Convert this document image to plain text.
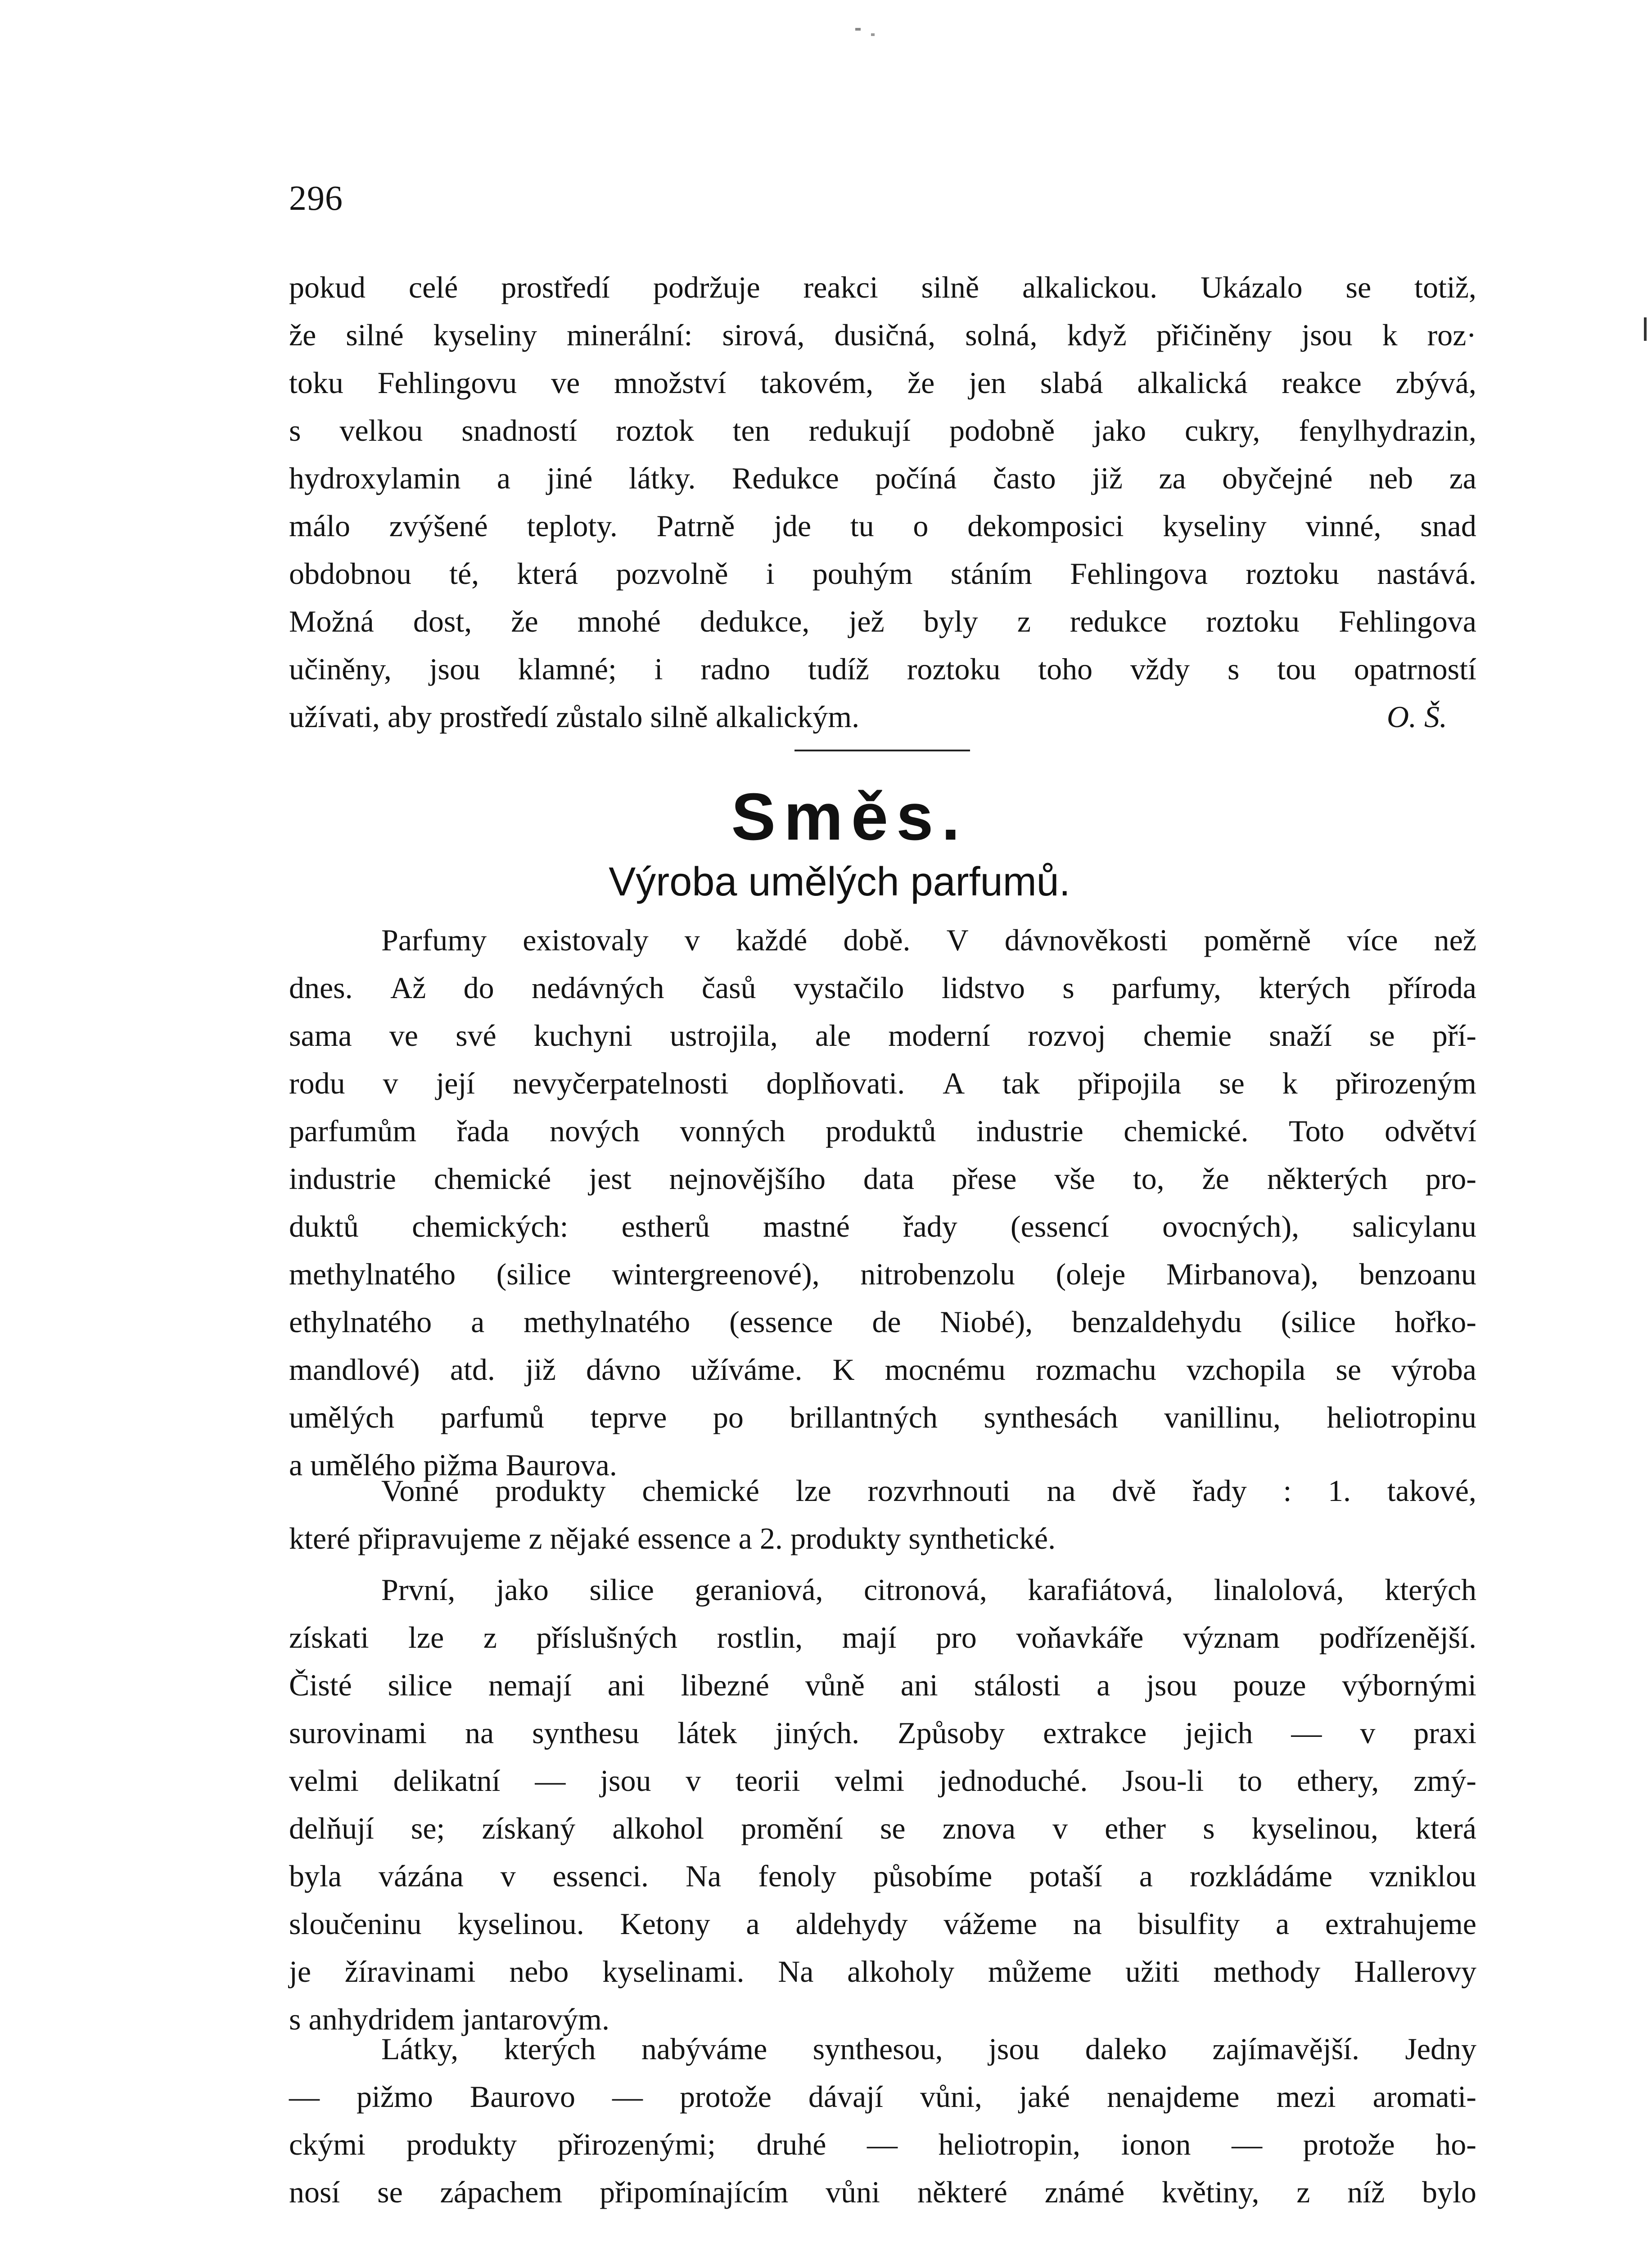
296
pokud celé prostředí podržuje reakci silně alkalickou. Ukázalo se totiž,
že silné kyseliny minerální: sirová, dusičná, solná, když přičiněny jsou k roz·
toku Fehlingovu ve množství takovém, že jen slabá alkalická reakce zbývá,
s velkou snadností roztok ten redukují podobně jako cukry, fenylhydrazin,
hydroxylamin a jiné látky. Redukce počíná často již za obyčejné neb za
málo zvýšené teploty. Patrně jde tu o dekomposici kyseliny vinné, snad
obdobnou té, která pozvolně i pouhým stáním Fehlingova roztoku nastává.
Možná dost, že mnohé dedukce, jež byly z redukce roztoku Fehlingova
učiněny, jsou klamné; i radno tudíž roztoku toho vždy s tou opatrností
užívati, aby prostředí zůstalo silně alkalickým.	O. Š.
Směs.
Výroba umělých parfumů.
Parfumy existovaly v každé době. V dávnověkosti poměrně více než
dnes. Až do nedávných časů vystačilo lidstvo s parfumy, kterých příroda
sama ve své kuchyni ustrojila, ale moderní rozvoj chemie snaží se pří-
rodu v její nevyčerpatelnosti doplňovati. A tak připojila se k přirozeným
parfumům řada nových vonných produktů industrie chemické. Toto odvětví
industrie chemické jest nejnovějšího data přese vše to, že některých pro-
duktů chemických: estherů mastné řady (essencí ovocných), salicylanu
methylnatého (silice wintergreenové), nitrobenzolu (oleje Mirbanova), benzoanu
ethylnatého a methylnatého (essence de Niobé), benzaldehydu (silice hořko-
mandlové) atd. již dávno užíváme. K mocnému rozmachu vzchopila se výroba
umělých parfumů teprve po brillantných synthesách vanillinu, heliotropinu
a umělého pižma Baurova.
Vonné produkty chemické lze rozvrhnouti na dvě řady : 1. takové,
které připravujeme z nějaké essence a 2. produkty synthetické.
První, jako silice geraniová, citronová, karafiátová, linalolová, kterých
získati lze z příslušných rostlin, mají pro voňavkáře význam podřízenější.
Čisté silice nemají ani libezné vůně ani stálosti a jsou pouze výbornými
surovinami na synthesu látek jiných. Způsoby extrakce jejich — v praxi
velmi delikatní — jsou v teorii velmi jednoduché. Jsou-li to ethery, zmý-
delňují se; získaný alkohol promění se znova v ether s kyselinou, která
byla vázána v essenci. Na fenoly působíme potaší a rozkládáme vzniklou
sloučeninu kyselinou. Ketony a aldehydy vážeme na bisulfity a extrahujeme
je žíravinami nebo kyselinami. Na alkoholy můžeme užiti methody Hallerovy
s anhydridem jantarovým.
Látky, kterých nabýváme synthesou, jsou daleko zajímavější. Jedny
— pižmo Baurovo — protože dávají vůni, jaké nenajdeme mezi aromati-
ckými produkty přirozenými; druhé — heliotropin, ionon — protože ho-
nosí se zápachem připomínajícím vůni některé známé květiny, z níž bylo
